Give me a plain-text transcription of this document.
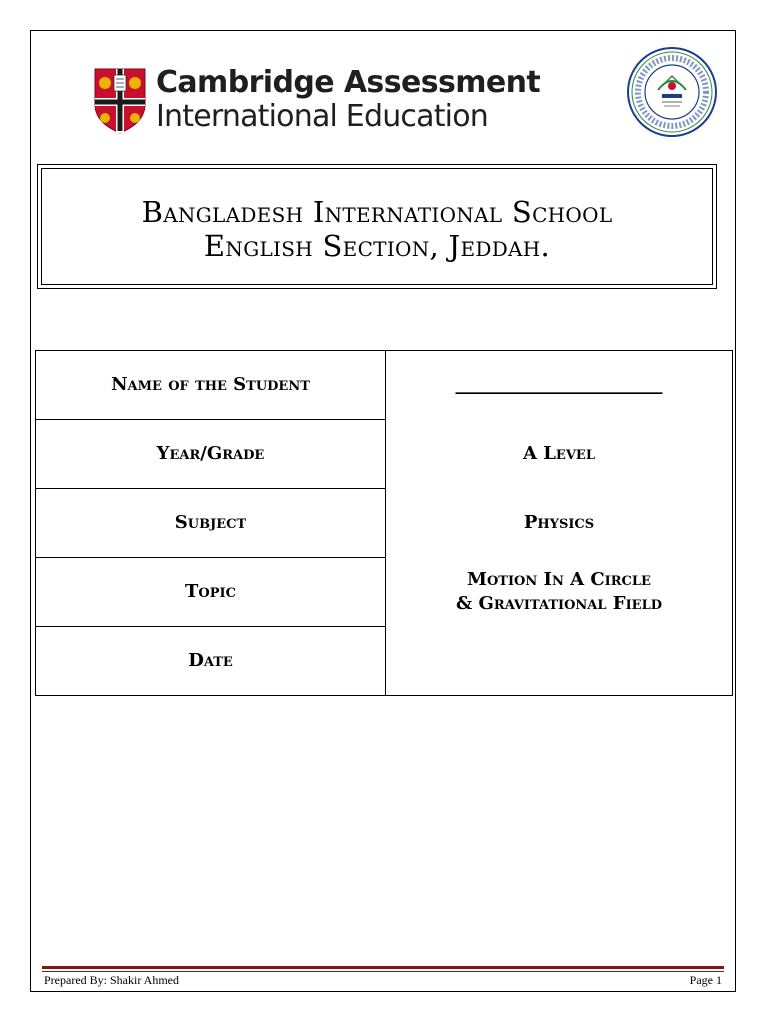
Cambridge Assessment
International Education
Bangladesh International School
English Section, Jeddah.
Name of the Student	_______________________
Year/Grade	A Level
Subject	Physics
Topic	Motion In A Circle
& Gravitational Field

Date	
Prepared By: Shakir Ahmed	Page 1
